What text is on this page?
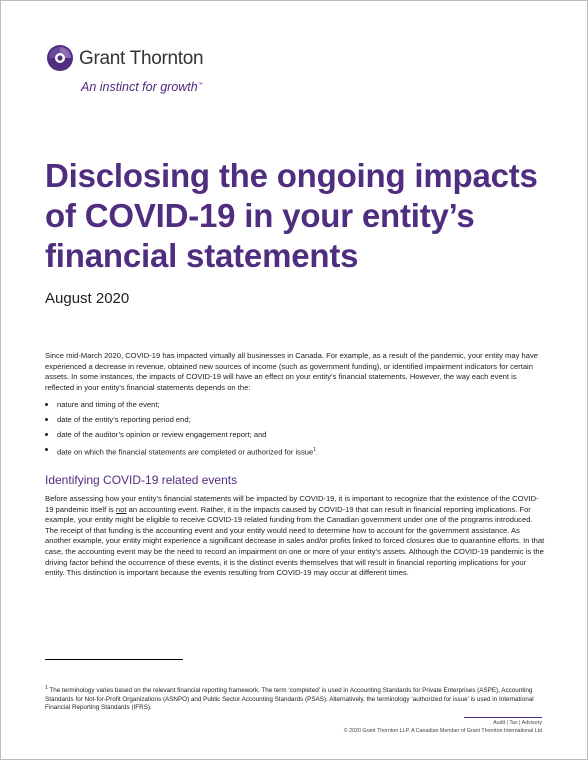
Grant Thornton
An instinct for growth™
Disclosing the ongoing impacts of COVID-19 in your entity’s financial statements
August 2020

Since mid-March 2020, COVID-19 has impacted virtually all businesses in Canada. For example, as a result of the pandemic, your entity may have experienced a decrease in revenue, obtained new sources of income (such as government funding), or identified impairment indicators for certain assets. In some instances, the impacts of COVID-19 will have an effect on your entity’s financial statements. However, the way each event is reflected in your entity’s financial statements depends on the:

nature and timing of the event;
date of the entity’s reporting period end;
date of the auditor’s opinion or review engagement report; and
date on which the financial statements are completed or authorized for issue$^1$.
Identifying COVID-19 related events

Before assessing how your entity’s financial statements will be impacted by COVID-19, it is important to recognize that the existence of the COVID-19 pandemic itself is not an accounting event. Rather, it is the impacts caused by COVID-19 that can result in financial reporting implications. For example, your entity might be eligible to receive COVID-19 related funding from the Canadian government under one of the programs introduced. The receipt of that funding is the accounting event and your entity would need to determine how to account for the government assistance. As another example, your entity might experience a significant decrease in sales and/or profits linked to forced closures due to quarantine efforts. In that case, the accounting event may be the need to record an impairment on one or more of your entity’s assets. Although the COVID-19 pandemic is the driving factor behind the occurrence of these events, it is the distinct events themselves that will result in financial reporting implications for your entity. This distinction is important because the events resulting from COVID-19 may occur at different times.

$^1$ The terminology varies based on the relevant financial reporting framework. The term ‘completed’ is used in Accounting Standards for Private Enterprises (ASPE), Accounting Standards for Not-for-Profit Organizations (ASNPO) and Public Sector Accounting Standards (PSAS). Alternatively, the terminology ‘authorized for issue’ is used in International Financial Reporting Standards (IFRS).

Audit | Tax | Advisory
© 2020 Grant Thornton LLP. A Canadian Member of Grant Thornton International Ltd
